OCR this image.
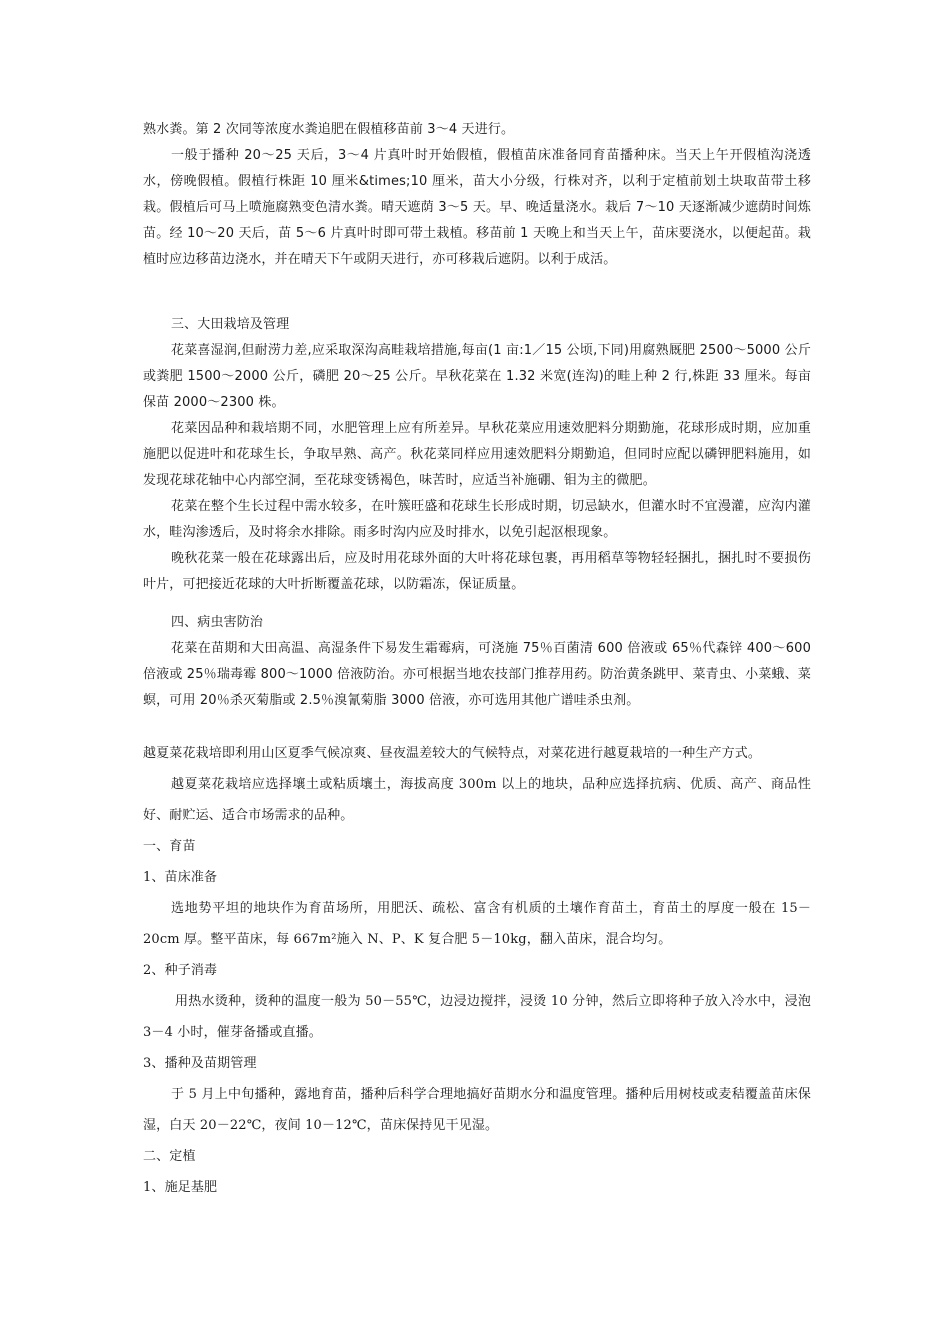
熟水粪。第 2 次同等浓度水粪追肥在假植移苗前 3～4 天进行。

一般于播种 20～25 天后，3～4 片真叶时开始假植，假植苗床准备同育苗播种床。当天上午开假植沟浇透水，傍晚假植。假植行株距 10 厘米&times;10 厘米，苗大小分级，行株对齐，以利于定植前划土块取苗带土移栽。假植后可马上喷施腐熟变色清水粪。晴天遮荫 3～5 天。早、晚适量浇水。栽后 7～10 天逐渐减少遮荫时间炼苗。经 10～20 天后，苗 5～6 片真叶时即可带土栽植。移苗前 1 天晚上和当天上午，苗床要浇水，以便起苗。栽植时应边移苗边浇水，并在晴天下午或阴天进行，亦可移栽后遮阴。以利于成活。

三、大田栽培及管理

花菜喜湿润,但耐涝力差,应采取深沟高畦栽培措施,每亩(1 亩:1／15 公顷,下同)用腐熟厩肥 2500～5000 公斤或粪肥 1500～2000 公斤，磷肥 20～25 公斤。早秋花菜在 1.32 米宽(连沟)的畦上种 2 行,株距 33 厘米。每亩保苗 2000～2300 株。

花菜因品种和栽培期不同，水肥管理上应有所差异。早秋花菜应用速效肥料分期勤施，花球形成时期，应加重施肥以促进叶和花球生长，争取早熟、高产。秋花菜同样应用速效肥料分期勤追，但同时应配以磷钾肥料施用，如发现花球花轴中心内部空洞，至花球变锈褐色，味苦时，应适当补施硼、钼为主的微肥。

花菜在整个生长过程中需水较多，在叶簇旺盛和花球生长形成时期，切忌缺水，但灌水时不宜漫灌，应沟内灌水，畦沟渗透后，及时将余水排除。雨多时沟内应及时排水，以免引起沤根现象。

晚秋花菜一般在花球露出后，应及时用花球外面的大叶将花球包裹，再用稻草等物轻轻捆扎，捆扎时不要损伤叶片，可把接近花球的大叶折断覆盖花球，以防霜冻，保证质量。

四、病虫害防治

花菜在苗期和大田高温、高湿条件下易发生霜霉病，可浇施 75％百菌清 600 倍液或 65％代森锌 400～600 倍液或 25％瑞毒霉 800～1000 倍液防治。亦可根据当地农技部门推荐用药。防治黄条跳甲、菜青虫、小菜蛾、菜螟，可用 20％杀灭菊脂或 2.5％溴氰菊脂 3000 倍液，亦可选用其他广谱哇杀虫剂。

越夏菜花栽培即利用山区夏季气候凉爽、昼夜温差较大的气候特点，对菜花进行越夏栽培的一种生产方式。

越夏菜花栽培应选择壤土或粘质壤土，海拔高度 300m 以上的地块，品种应选择抗病、优质、高产、商品性好、耐贮运、适合市场需求的品种。

一、育苗

1、苗床准备

选地势平坦的地块作为育苗场所，用肥沃、疏松、富含有机质的土壤作育苗土，育苗土的厚度一般在 15－20cm 厚。整平苗床，每 667m²施入 N、P、K 复合肥 5－10kg，翻入苗床，混合均匀。

2、种子消毒

用热水烫种，烫种的温度一般为 50－55℃，边浸边搅拌，浸烫 10 分钟，然后立即将种子放入冷水中，浸泡 3－4 小时，催芽备播或直播。

3、播种及苗期管理

于 5 月上中旬播种，露地育苗，播种后科学合理地搞好苗期水分和温度管理。播种后用树枝或麦秸覆盖苗床保湿，白天 20－22℃，夜间 10－12℃，苗床保持见干见湿。

二、定植

1、施足基肥
